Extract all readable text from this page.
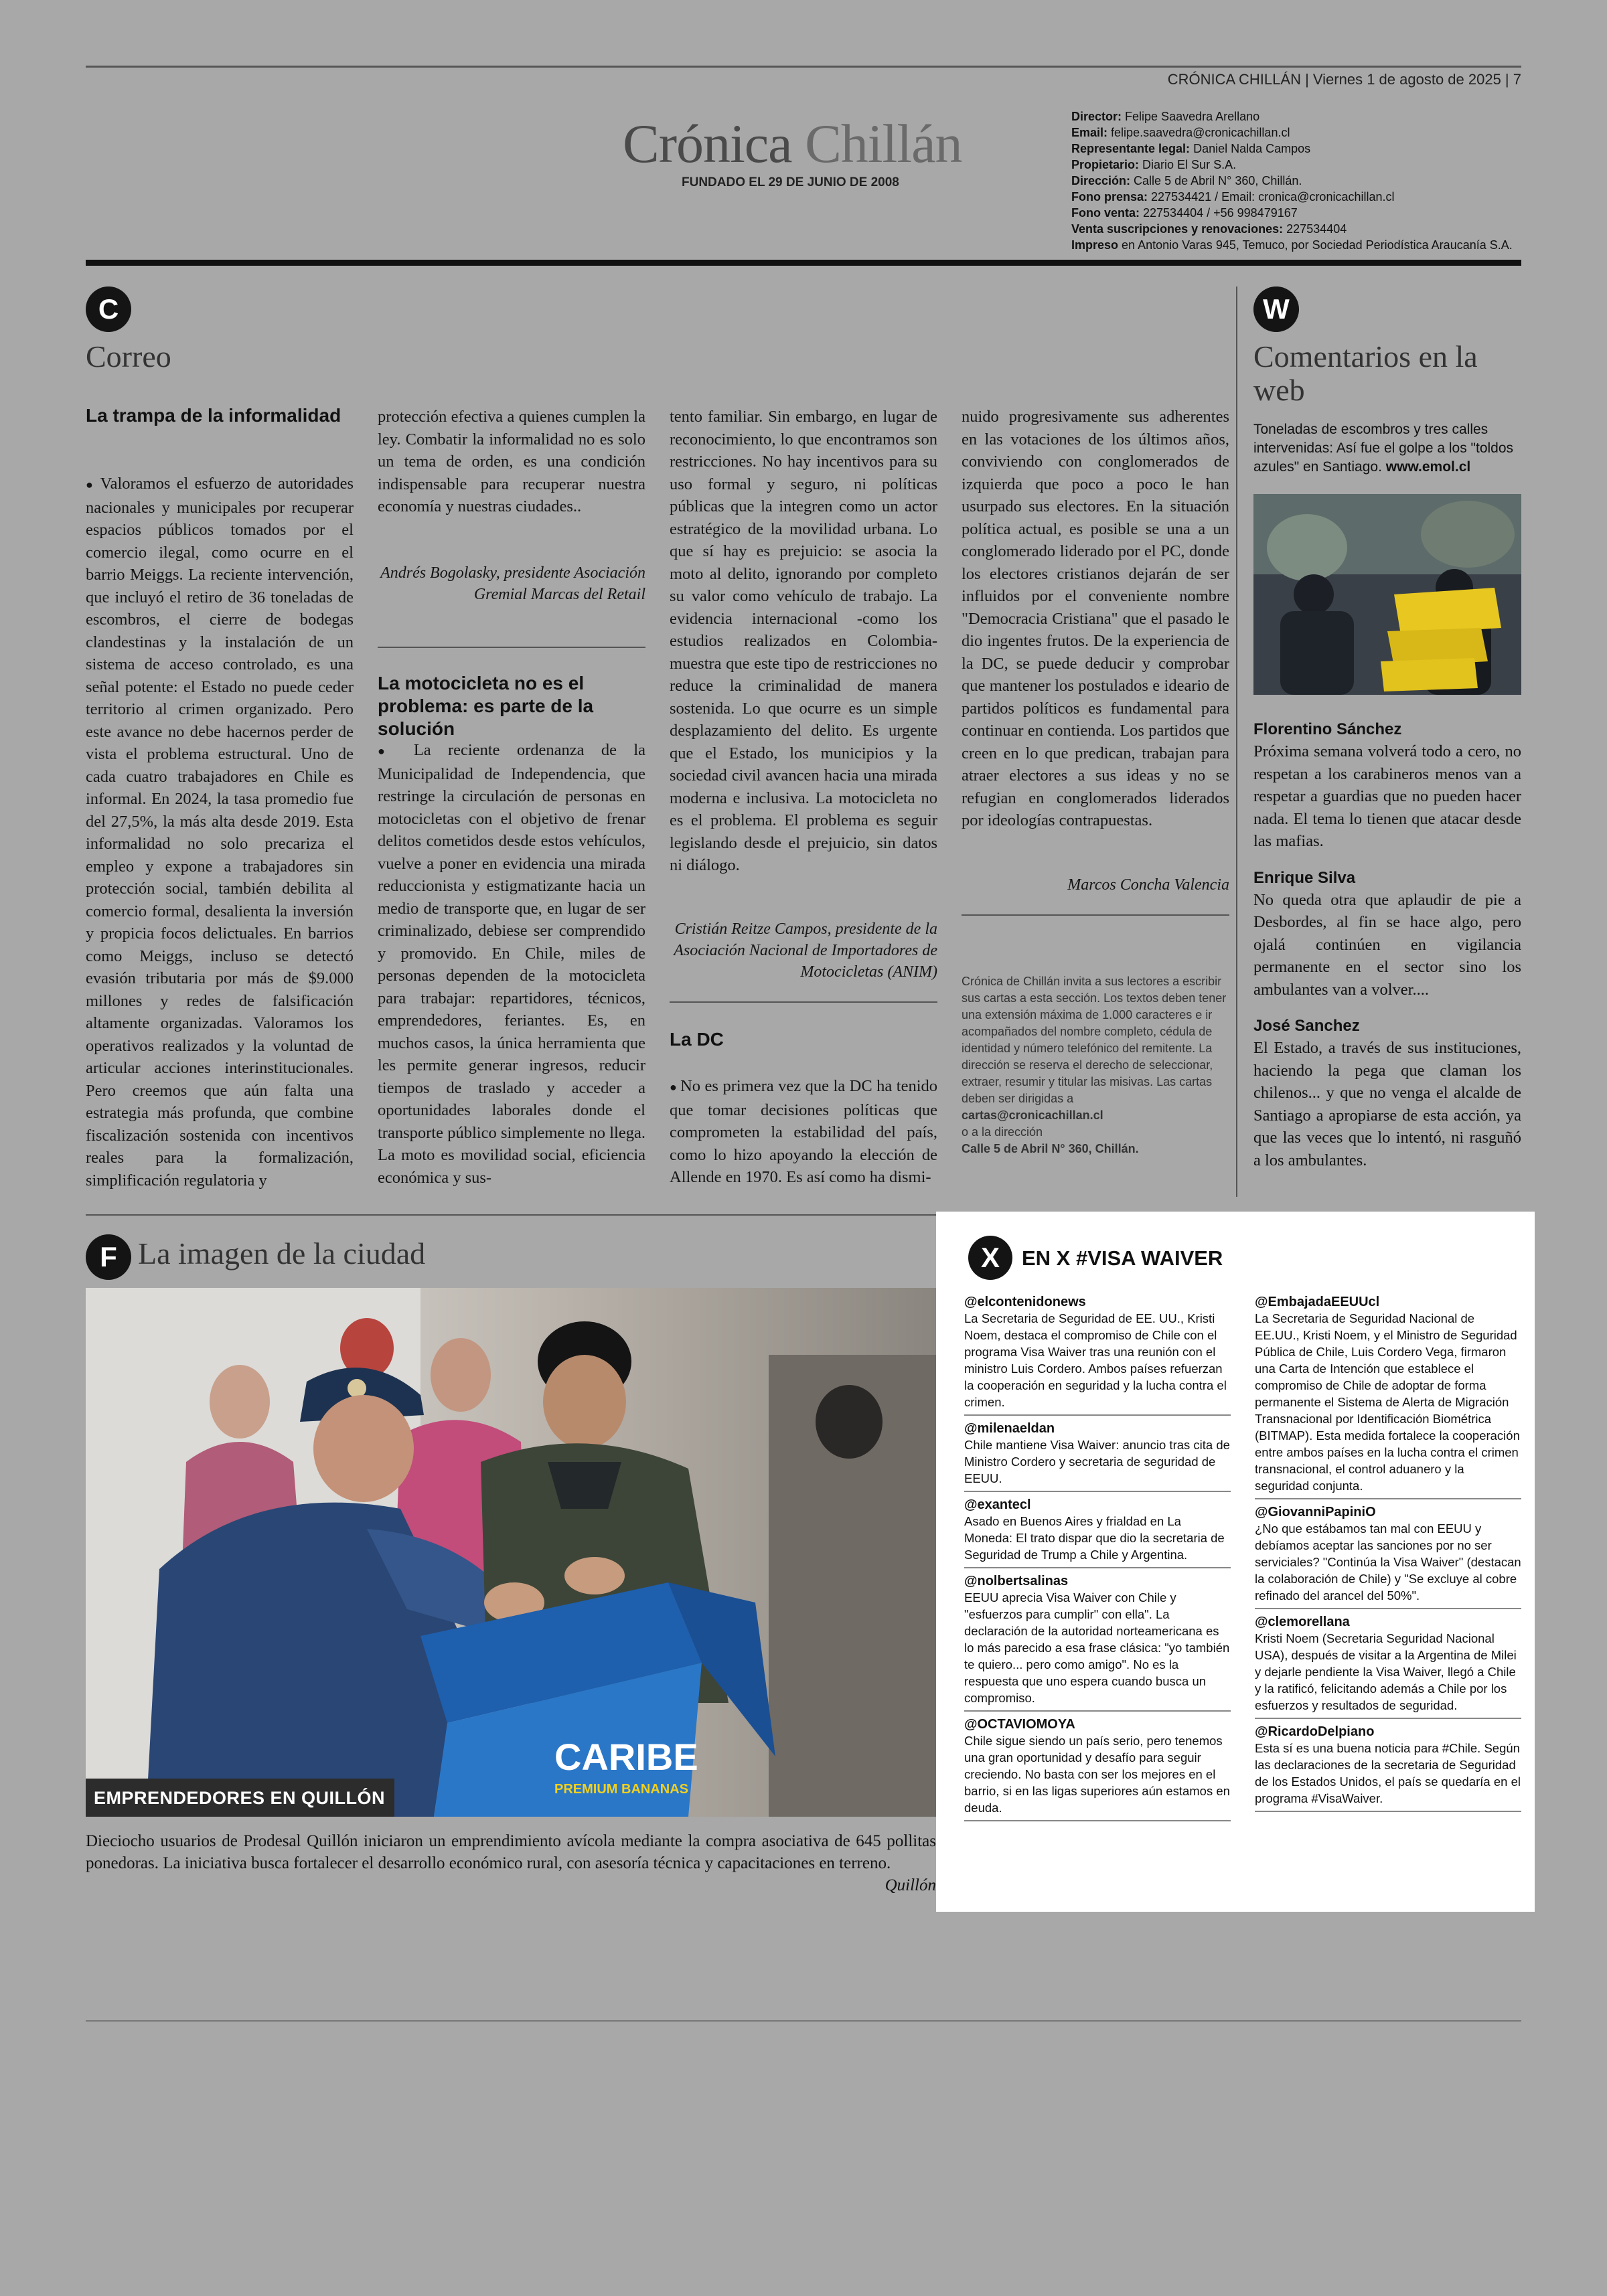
CRÓNICA CHILLÁN | Viernes 1 de agosto de 2025 | 7
Crónica Chillán
FUNDADO EL 29 DE JUNIO DE 2008
Director: Felipe Saavedra Arellano
Email: felipe.saavedra@cronicachillan.cl
Representante legal: Daniel Nalda Campos
Propietario: Diario El Sur S.A.
Dirección: Calle 5 de Abril N° 360, Chillán.
Fono prensa: 227534421 / Email: cronica@cronicachillan.cl
Fono venta: 227534404 / +56 998479167
Venta suscripciones y renovaciones: 227534404
Impreso en Antonio Varas 945, Temuco, por Sociedad Periodística Araucanía S.A.
C
Correo
La trampa de la informalidad
● Valoramos el esfuerzo de autoridades nacionales y municipales por recuperar espacios públicos tomados por el comercio ilegal, como ocurre en el barrio Meiggs. La reciente intervención, que incluyó el retiro de 36 toneladas de escombros, el cierre de bodegas clandestinas y la instalación de un sistema de acceso controlado, es una señal potente: el Estado no puede ceder territorio al crimen organizado. Pero este avance no debe hacernos perder de vista el problema estructural. Uno de cada cuatro trabajadores en Chile es informal. En 2024, la tasa promedio fue del 27,5%, la más alta desde 2019. Esta informalidad no solo precariza el empleo y expone a trabajadores sin protección social, también debilita al comercio formal, desalienta la inversión y propicia focos delictuales. En barrios como Meiggs, incluso se detectó evasión tributaria por más de $9.000 millones y redes de falsificación altamente organizadas. Valoramos los operativos realizados y la voluntad de articular acciones interinstitucionales. Pero creemos que aún falta una estrategia más profunda, que combine fiscalización sostenida con incentivos reales para la formalización, simplificación regulatoria y
protección efectiva a quienes cumplen la ley. Combatir la informalidad no es solo un tema de orden, es una condición indispensable para recuperar nuestra economía y nuestras ciudades..
Andrés Bogolasky, presidente Asociación Gremial Marcas del Retail
La motocicleta no es el problema: es parte de la solución
● La reciente ordenanza de la Municipalidad de Independencia, que restringe la circulación de personas en motocicletas con el objetivo de frenar delitos cometidos desde estos vehículos, vuelve a poner en evidencia una mirada reduccionista y estigmatizante hacia un medio de transporte que, en lugar de ser criminalizado, debiese ser comprendido y promovido. En Chile, miles de personas dependen de la motocicleta para trabajar: repartidores, técnicos, emprendedores, feriantes. Es, en muchos casos, la única herramienta que les permite generar ingresos, reducir tiempos de traslado y acceder a oportunidades laborales donde el transporte público simplemente no llega. La moto es movilidad social, eficiencia económica y sus-
tento familiar. Sin embargo, en lugar de reconocimiento, lo que encontramos son restricciones. No hay incentivos para su uso formal y seguro, ni políticas públicas que la integren como un actor estratégico de la movilidad urbana. Lo que sí hay es prejuicio: se asocia la moto al delito, ignorando por completo su valor como vehículo de trabajo. La evidencia internacional -como los estudios realizados en Colombia- muestra que este tipo de restricciones no reduce la criminalidad de manera sostenida. Lo que ocurre es un simple desplazamiento del delito. Es urgente que el Estado, los municipios y la sociedad civil avancen hacia una mirada moderna e inclusiva. La motocicleta no es el problema. El problema es seguir legislando desde el prejuicio, sin datos ni diálogo.
Cristián Reitze Campos, presidente de la Asociación Nacional de Importadores de Motocicletas (ANIM)
La DC
● No es primera vez que la DC ha tenido que tomar decisiones políticas que comprometen la estabilidad del país, como lo hizo apoyando la elección de Allende en 1970. Es así como ha dismi-
nuido progresivamente sus adherentes en las votaciones de los últimos años, conviviendo con conglomerados de izquierda que poco a poco le han usurpado sus electores. En la situación política actual, es posible se una a un conglomerado liderado por el PC, donde los electores cristianos dejarán de ser influidos por el conveniente nombre "Democracia Cristiana" que el pasado le dio ingentes frutos. De la experiencia de la DC, se puede deducir y comprobar que mantener los postulados e ideario de partidos políticos es fundamental para continuar en contienda. Los partidos que creen en lo que predican, trabajan para atraer electores a sus ideas y no se refugian en conglomerados liderados por ideologías contrapuestas.
Marcos Concha Valencia
Crónica de Chillán invita a sus lectores a escribir sus cartas a esta sección. Los textos deben tener una extensión máxima de 1.000 caracteres e ir acompañados del nombre completo, cédula de identidad y número telefónico del remitente. La dirección se reserva el derecho de seleccionar, extraer, resumir y titular las misivas. Las cartas deben ser dirigidas a
cartas@cronicachillan.cl
o a la dirección
Calle 5 de Abril N° 360, Chillán.
W
Comentarios en la web
Toneladas de escombros y tres calles intervenidas: Así fue el golpe a los "toldos azules" en Santiago. www.emol.cl
Florentino Sánchez
Próxima semana volverá todo a cero, no respetan a los carabineros menos van a respetar a guardias que no pueden hacer nada. El tema lo tienen que atacar desde las mafias.
Enrique Silva
No queda otra que aplaudir de pie a Desbordes, al fin se hace algo, pero ojalá continúen en vigilancia permanente en el sector sino los ambulantes van a volver....
José Sanchez
El Estado, a través de sus instituciones, haciendo la pega que claman los chilenos... y que no venga el alcalde de Santiago a apropiarse de esta acción, ya que las veces que lo intentó, ni rasguñó a los ambulantes.
F La imagen de la ciudad
CARIBE
PREMIUM BANANAS
EMPRENDEDORES EN QUILLÓN
Dieciocho usuarios de Prodesal Quillón iniciaron un emprendimiento avícola mediante la compra asociativa de 645 pollitas ponedoras. La iniciativa busca fortalecer el desarrollo económico rural, con asesoría técnica y capacitaciones en terreno.
Quillón
X	EN X #VISA WAIVER
@elcontenidonews
La Secretaria de Seguridad de EE. UU., Kristi Noem, destaca el compromiso de Chile con el programa Visa Waiver tras una reunión con el ministro Luis Cordero. Ambos países refuerzan la cooperación en seguridad y la lucha contra el crimen.
@milenaeldan
Chile mantiene Visa Waiver: anuncio tras cita de Ministro Cordero y secretaria de seguridad de EEUU.
@exantecl
Asado en Buenos Aires y frialdad en La Moneda: El trato dispar que dio la secretaria de Seguridad de Trump a Chile y Argentina.
@nolbertsalinas
EEUU aprecia Visa Waiver con Chile y "esfuerzos para cumplir" con ella". La declaración de la autoridad norteamericana es lo más parecido a esa frase clásica: "yo también te quiero... pero como amigo". No es la respuesta que uno espera cuando busca un compromiso.
@OCTAVIOMOYA
Chile sigue siendo un país serio, pero tenemos una gran oportunidad y desafío para seguir creciendo. No basta con ser los mejores en el barrio, si en las ligas superiores aún estamos en deuda.
@EmbajadaEEUUcl
La Secretaria de Seguridad Nacional de EE.UU., Kristi Noem, y el Ministro de Seguridad Pública de Chile, Luis Cordero Vega, firmaron una Carta de Intención que establece el compromiso de Chile de adoptar de forma permanente el Sistema de Alerta de Migración Transnacional por Identificación Biométrica (BITMAP). Esta medida fortalece la cooperación entre ambos países en la lucha contra el crimen transnacional, el control aduanero y la seguridad conjunta.
@GiovanniPapiniO
¿No que estábamos tan mal con EEUU y debíamos aceptar las sanciones por no ser serviciales? "Continúa la Visa Waiver" (destacan la colaboración de Chile) y "Se excluye al cobre refinado del arancel del 50%".
@clemorellana
Kristi Noem (Secretaria Seguridad Nacional USA), después de visitar a la Argentina de Milei y dejarle pendiente la Visa Waiver, llegó a Chile y la ratificó, felicitando además a Chile por los esfuerzos y resultados de seguridad.
@RicardoDelpiano
Esta sí es una buena noticia para #Chile. Según las declaraciones de la secretaria de Seguridad de los Estados Unidos, el país se quedaría en el programa #VisaWaiver.
